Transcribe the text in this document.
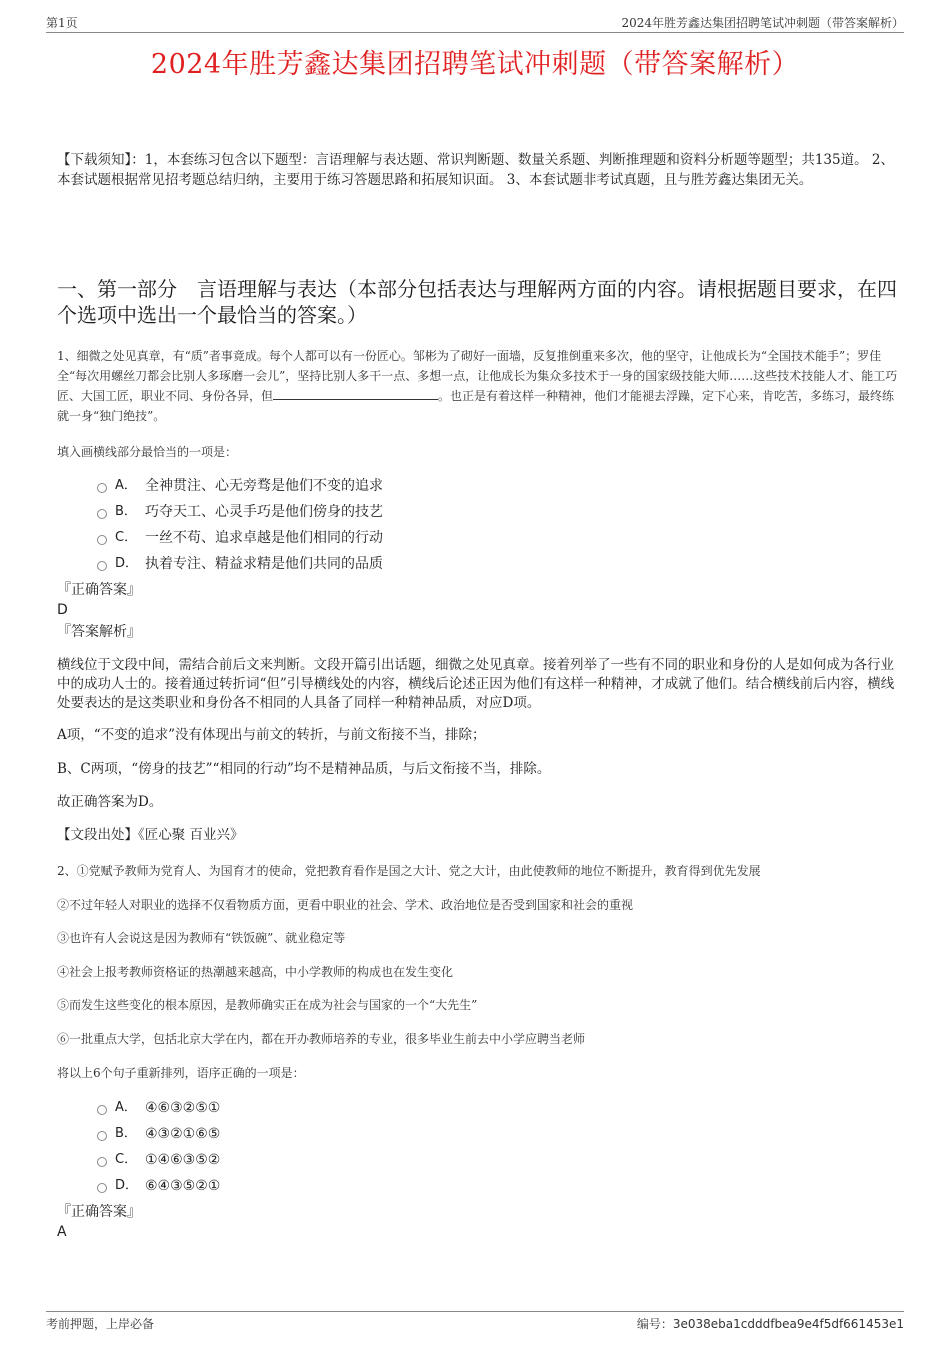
第1页	2024年胜芳鑫达集团招聘笔试冲刺题（带答案解析）
2024年胜芳鑫达集团招聘笔试冲刺题（带答案解析）
【下载须知】：1，本套练习包含以下题型：言语理解与表达题、常识判断题、数量关系题、判断推理题和资料分析题等题型；共135道。 2、本套试题根据常见招考题总结归纳，主要用于练习答题思路和拓展知识面。 3、本套试题非考试真题，且与胜芳鑫达集团无关。
一、第一部分　言语理解与表达（本部分包括表达与理解两方面的内容。请根据题目要求，在四个选项中选出一个最恰当的答案。）
1、细微之处见真章，有“质”者事竟成。每个人都可以有一份匠心。邹彬为了砌好一面墙，反复推倒重来多次，他的坚守，让他成长为“全国技术能手”；罗佳全“每次用螺丝刀都会比别人多琢磨一会儿”，坚持比别人多干一点、多想一点，让他成长为集众多技术于一身的国家级技能大师……这些技术技能人才、能工巧匠、大国工匠，职业不同、身份各异，但	。也正是有着这样一种精神，他们才能褪去浮躁，定下心来，肯吃苦，多练习，最终练就一身“独门绝技”。
填入画横线部分最恰当的一项是：
A． 全神贯注、心无旁骛是他们不变的追求
B． 巧夺天工、心灵手巧是他们傍身的技艺
C． 一丝不苟、追求卓越是他们相同的行动
D． 执着专注、精益求精是他们共同的品质
『正确答案』
D
『答案解析』
横线位于文段中间，需结合前后文来判断。文段开篇引出话题，细微之处见真章。接着列举了一些有不同的职业和身份的人是如何成为各行业中的成功人士的。接着通过转折词“但”引导横线处的内容，横线后论述正因为他们有这样一种精神，才成就了他们。结合横线前后内容，横线处要表达的是这类职业和身份各不相同的人具备了同样一种精神品质，对应D项。
A项，“不变的追求”没有体现出与前文的转折，与前文衔接不当，排除；
B、C两项，“傍身的技艺”“相同的行动”均不是精神品质，与后文衔接不当，排除。
故正确答案为D。
【文段出处】《匠心聚 百业兴》
2、①党赋予教师为党育人、为国育才的使命，党把教育看作是国之大计、党之大计，由此使教师的地位不断提升，教育得到优先发展
②不过年轻人对职业的选择不仅看物质方面，更看中职业的社会、学术、政治地位是否受到国家和社会的重视
③也许有人会说这是因为教师有“铁饭碗”、就业稳定等
④社会上报考教师资格证的热潮越来越高，中小学教师的构成也在发生变化
⑤而发生这些变化的根本原因，是教师确实正在成为社会与国家的一个“大先生”
⑥一批重点大学，包括北京大学在内，都在开办教师培养的专业，很多毕业生前去中小学应聘当老师
将以上6个句子重新排列，语序正确的一项是：
A． ④⑥③②⑤①
B． ④③②①⑥⑤
C． ①④⑥③⑤②
D． ⑥④③⑤②①
『正确答案』
A
考前押题，上岸必备	编号：3e038eba1cdddfbea9e4f5df661453e1
